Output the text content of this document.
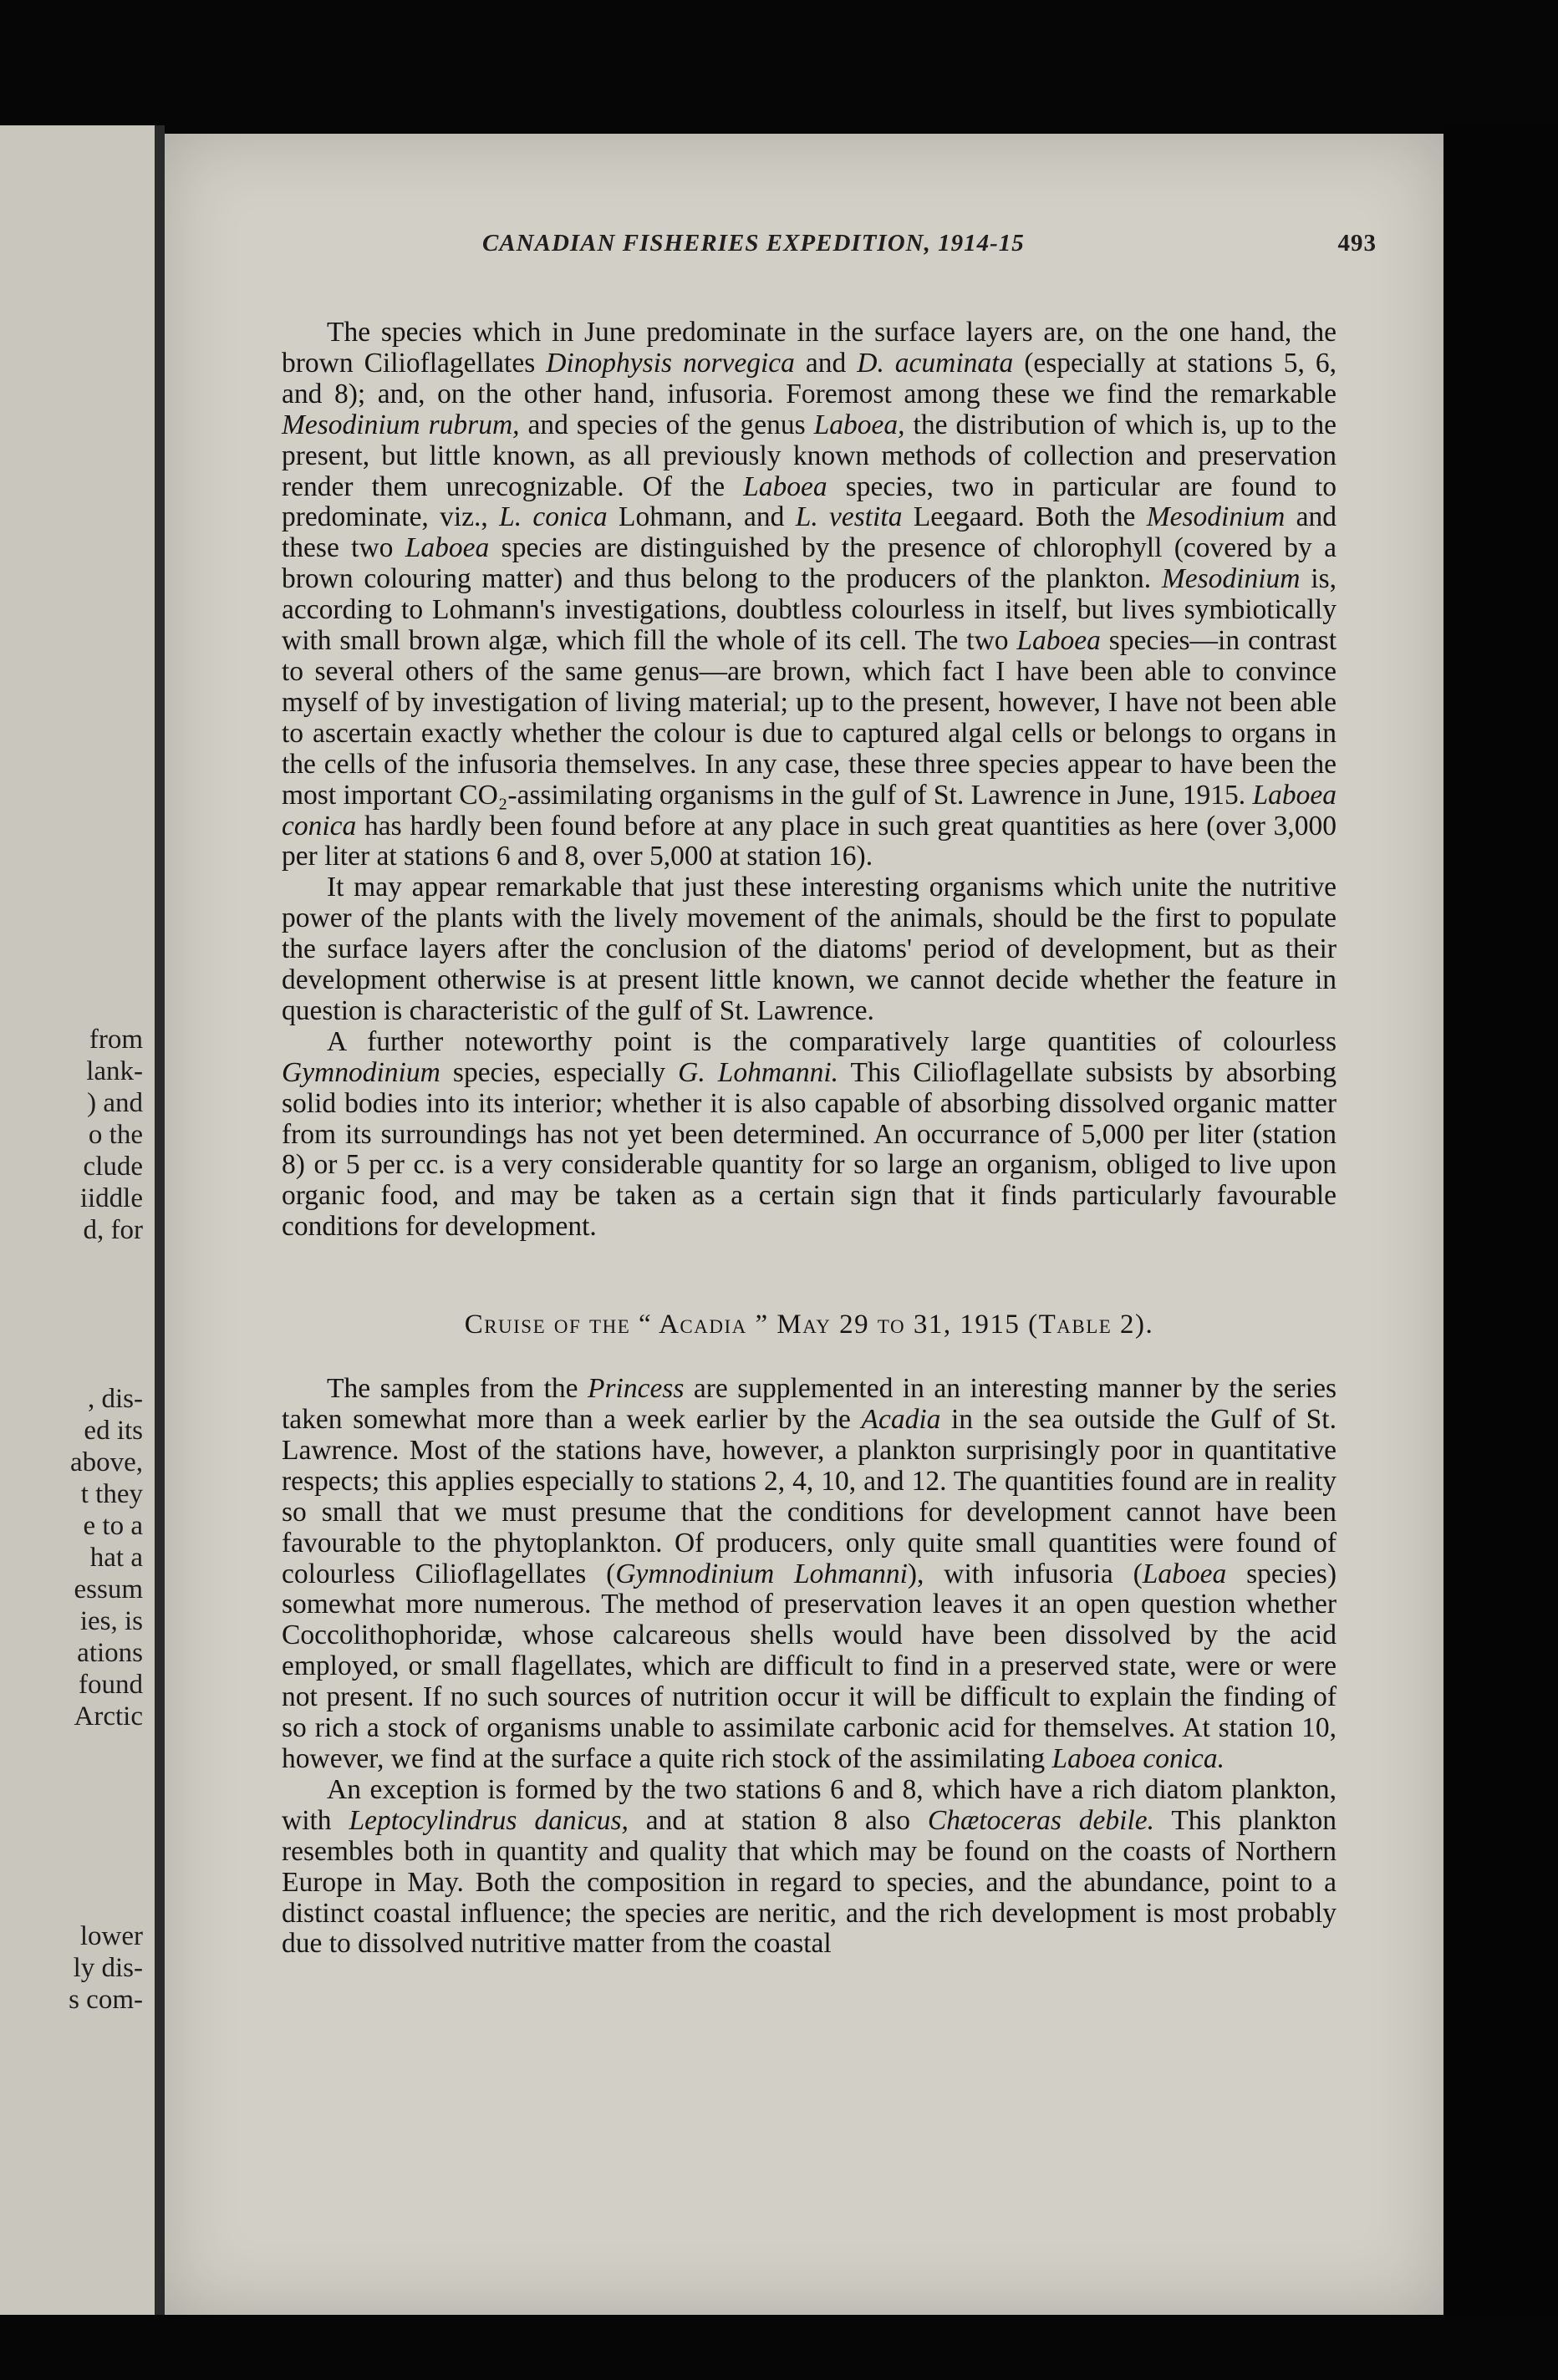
from
lank-
) and
o the
clude
iiddle
d, for
, dis-
ed its
above,
t they
e to a
hat a
essum
ies, is
ations
found
Arctic
lower
ly dis-
s com-
CANADIAN FISHERIES EXPEDITION, 1914-15	493

The species which in June predominate in the surface layers are, on the one hand, the brown Cilioflagellates Dinophysis norvegica and D. acuminata (especially at stations 5, 6, and 8); and, on the other hand, infusoria. Foremost among these we find the remarkable Mesodinium rubrum, and species of the genus Laboea, the distribution of which is, up to the present, but little known, as all previously known methods of collection and preservation render them unrecognizable. Of the Laboea species, two in particular are found to predominate, viz., L. conica Lohmann, and L. vestita Leegaard. Both the Mesodinium and these two Laboea species are distinguished by the presence of chlorophyll (covered by a brown colouring matter) and thus belong to the producers of the plankton. Mesodinium is, according to Lohmann's investigations, doubtless colourless in itself, but lives symbiotically with small brown algæ, which fill the whole of its cell. The two Laboea species—in contrast to several others of the same genus—are brown, which fact I have been able to convince myself of by investigation of living material; up to the present, however, I have not been able to ascertain exactly whether the colour is due to captured algal cells or belongs to organs in the cells of the infusoria themselves. In any case, these three species appear to have been the most important CO₂-assimilating organisms in the gulf of St. Lawrence in June, 1915. Laboea conica has hardly been found before at any place in such great quantities as here (over 3,000 per liter at stations 6 and 8, over 5,000 at station 16).

It may appear remarkable that just these interesting organisms which unite the nutritive power of the plants with the lively movement of the animals, should be the first to populate the surface layers after the conclusion of the diatoms' period of development, but as their development otherwise is at present little known, we cannot decide whether the feature in question is characteristic of the gulf of St. Lawrence.

A further noteworthy point is the comparatively large quantities of colourless Gymnodinium species, especially G. Lohmanni. This Cilioflagellate subsists by absorbing solid bodies into its interior; whether it is also capable of absorbing dissolved organic matter from its surroundings has not yet been determined. An occurrance of 5,000 per liter (station 8) or 5 per cc. is a very considerable quantity for so large an organism, obliged to live upon organic food, and may be taken as a certain sign that it finds particularly favourable conditions for development.

Cruise of the “ Acadia ” May 29 to 31, 1915 (Table 2).

The samples from the Princess are supplemented in an interesting manner by the series taken somewhat more than a week earlier by the Acadia in the sea outside the Gulf of St. Lawrence. Most of the stations have, however, a plankton surprisingly poor in quantitative respects; this applies especially to stations 2, 4, 10, and 12. The quantities found are in reality so small that we must presume that the conditions for development cannot have been favourable to the phytoplankton. Of producers, only quite small quantities were found of colourless Cilioflagellates (Gymnodinium Lohmanni), with infusoria (Laboea species) somewhat more numerous. The method of preservation leaves it an open question whether Coccolithophoridæ, whose calcareous shells would have been dissolved by the acid employed, or small flagellates, which are difficult to find in a preserved state, were or were not present. If no such sources of nutrition occur it will be difficult to explain the finding of so rich a stock of organisms unable to assimilate carbonic acid for themselves. At station 10, however, we find at the surface a quite rich stock of the assimilating Laboea conica.

An exception is formed by the two stations 6 and 8, which have a rich diatom plankton, with Leptocylindrus danicus, and at station 8 also Chætoceras debile. This plankton resembles both in quantity and quality that which may be found on the coasts of Northern Europe in May. Both the composition in regard to species, and the abundance, point to a distinct coastal influence; the species are neritic, and the rich development is most probably due to dissolved nutritive matter from the coastal
